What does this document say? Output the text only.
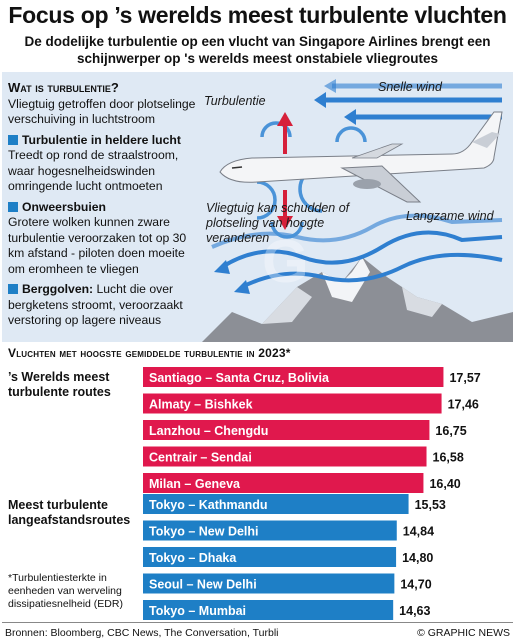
Focus op ’s werelds meest turbulente vluchten
De dodelijke turbulentie op een vlucht van Singapore Airlines brengt een schijnwerper op 's werelds meest onstabiele vliegroutes

Wat is turbulentie?
Vliegtuig getroffen door plotselinge verschuiving in luchtstroom

Turbulentie in heldere lucht
Treedt op rond de straalstroom, waar hogesnelheidswinden omringende lucht ontmoeten

Onweersbuien
Grotere wolken kunnen zware turbulentie veroorzaken tot op 30 km afstand - piloten doen moeite om eromheen te vliegen

Berggolven: Lucht die over bergketens stroomt, veroorzaakt verstoring op lagere niveaus

G
Turbulentie
Snelle wind
Langzame wind
Vliegtuig kan schudden of plotseling van hoogte veranderen
Vluchten met hoogste gemiddelde turbulentie in 2023*
’s Werelds meest turbulente routes
Meest turbulente langeafstandsroutes
*Turbulentiesterkte in eenheden van werveling dissipatiesnelheid (EDR)
Santiago – Santa Cruz, Bolivia	17,57
Almaty – Bishkek	17,46
Lanzhou – Chengdu	16,75
Centrair – Sendai	16,58
Milan – Geneva	16,40
Tokyo – Kathmandu	15,53
Tokyo – New Delhi	14,84
Tokyo – Dhaka	14,80
Seoul – New Delhi	14,70
Tokyo – Mumbai	14,63
Bronnen: Bloomberg, CBC News, The Conversation, Turbli	© GRAPHIC NEWS
